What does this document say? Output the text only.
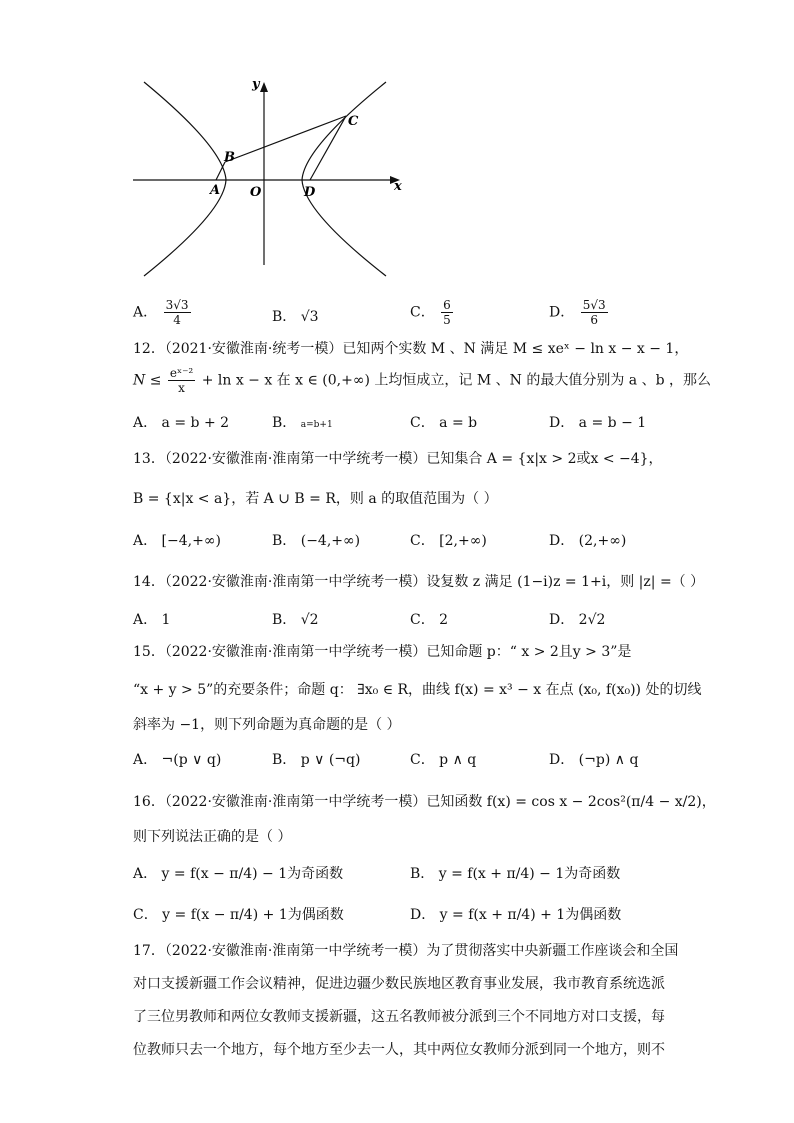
y
x
O
A
B
C
D
A． $\frac{3√3}{4}$	B． √3	C． $\frac{6}{5}$	D． $\frac{5√3}{6}$
12．（2021·安徽淮南·统考一模）已知两个实数 M 、N 满足 M ≤ xeˣ − ln x − x − 1，
$N \le \frac{\text{eˣ⁻²}}{x} + \ln x - x$ 在 x ∈ (0,+∞) 上均恒成立，记 M 、N 的最大值分别为 a 、b ，那么
A． a = b + 2	B． a=b+1	C． a = b	D． a = b − 1
13．（2022·安徽淮南·淮南第一中学统考一模）已知集合 A = {x|x > 2或x < −4}，
B = {x|x < a}，若 A ∪ B = R，则 a 的取值范围为（ ）
A． [−4,+∞)	B． (−4,+∞)	C． [2,+∞)	D． (2,+∞)
14．（2022·安徽淮南·淮南第一中学统考一模）设复数 z 满足 (1−i)z = 1+i，则 |z| =（ ）
A． 1	B． √2	C． 2	D． 2√2
15．（2022·安徽淮南·淮南第一中学统考一模）已知命题 p：“ x > 2且y > 3”是
“x + y > 5”的充要条件；命题 q： ∃x₀ ∈ R，曲线 f(x) = x³ − x 在点 (x₀, f(x₀)) 处的切线
斜率为 −1，则下列命题为真命题的是（ ）
A． ¬(p ∨ q)	B． p ∨ (¬q)	C． p ∧ q	D． (¬p) ∧ q
16．（2022·安徽淮南·淮南第一中学统考一模）已知函数 f(x) = cos x − 2cos²(π/4 − x/2)，
则下列说法正确的是（ ）
A． y = f(x − π/4) − 1为奇函数	B． y = f(x + π/4) − 1为奇函数
C． y = f(x − π/4) + 1为偶函数	D． y = f(x + π/4) + 1为偶函数
17．（2022·安徽淮南·淮南第一中学统考一模）为了贯彻落实中央新疆工作座谈会和全国
对口支援新疆工作会议精神，促进边疆少数民族地区教育事业发展，我市教育系统选派
了三位男教师和两位女教师支援新疆，这五名教师被分派到三个不同地方对口支援，每
位教师只去一个地方，每个地方至少去一人，其中两位女教师分派到同一个地方，则不
